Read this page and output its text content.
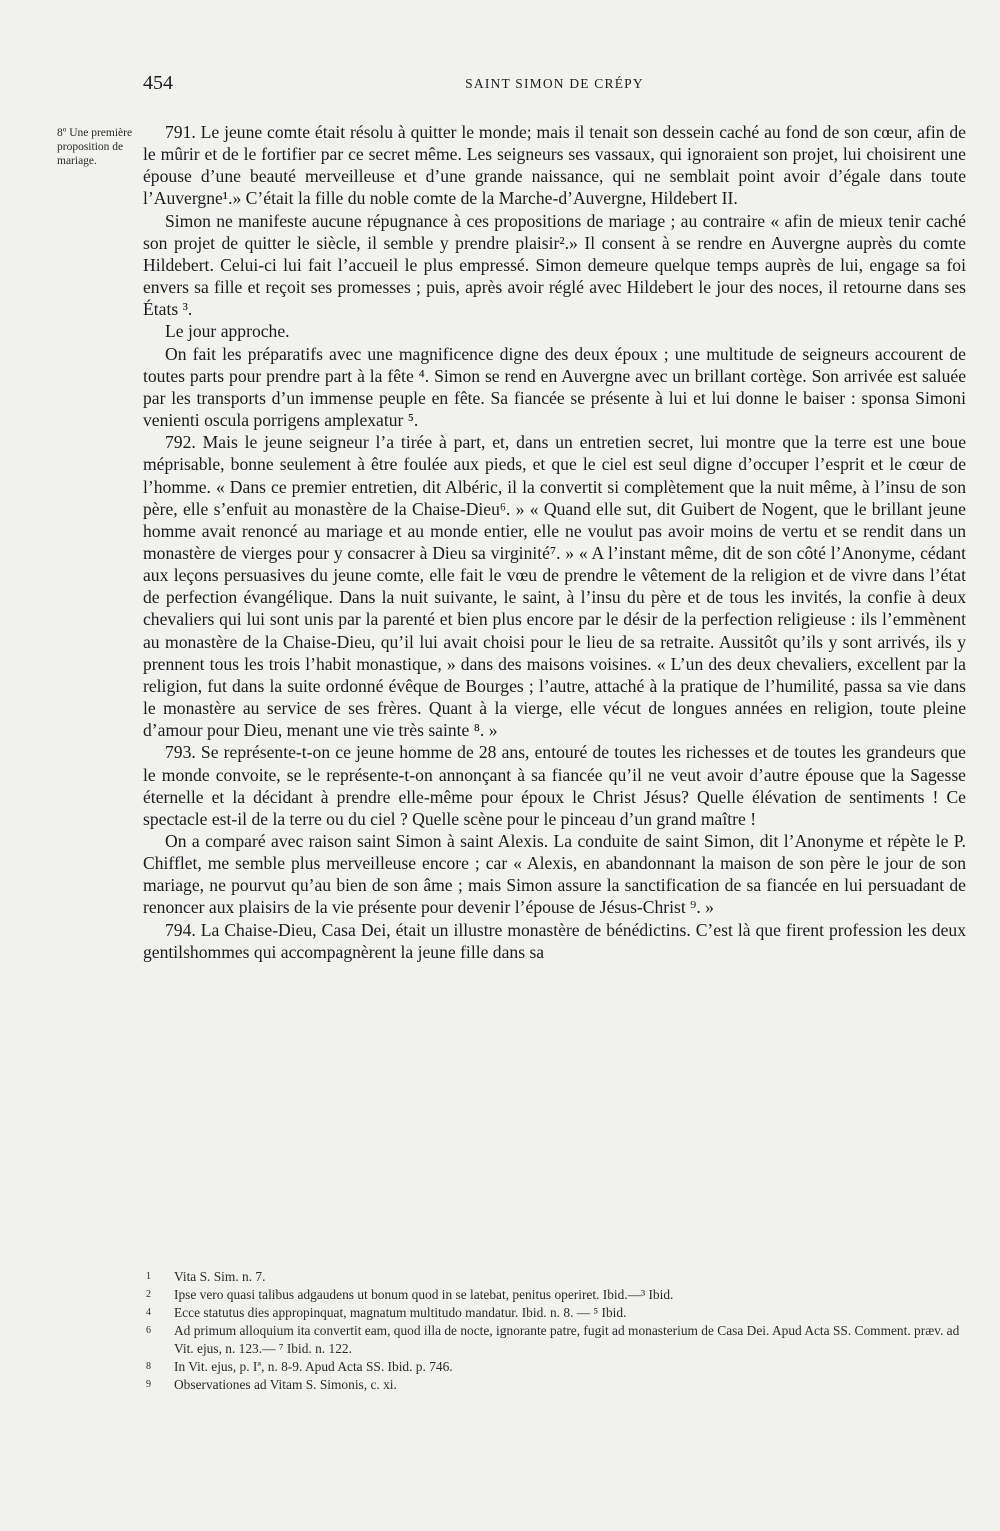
454	SAINT SIMON DE CRÉPY
8º Une première proposition de mariage.

791. Le jeune comte était résolu à quitter le monde; mais il tenait son dessein caché au fond de son cœur, afin de le mûrir et de le fortifier par ce secret même. Les seigneurs ses vassaux, qui ignoraient son projet, lui choisirent une épouse d’une beauté merveilleuse et d’une grande naissance, qui ne semblait point avoir d’égale dans toute l’Auvergne¹.» C’était la fille du noble comte de la Marche-d’Auvergne, Hildebert II.

Simon ne manifeste aucune répugnance à ces propositions de mariage ; au contraire « afin de mieux tenir caché son projet de quitter le siècle, il semble y prendre plaisir².» Il consent à se rendre en Auvergne auprès du comte Hildebert. Celui-ci lui fait l’accueil le plus empressé. Simon demeure quelque temps auprès de lui, engage sa foi envers sa fille et reçoit ses promesses ; puis, après avoir réglé avec Hildebert le jour des noces, il retourne dans ses États ³.

Le jour approche.

On fait les préparatifs avec une magnificence digne des deux époux ; une multitude de seigneurs accourent de toutes parts pour prendre part à la fête ⁴. Simon se rend en Auvergne avec un brillant cortège. Son arrivée est saluée par les transports d’un immense peuple en fête. Sa fiancée se présente à lui et lui donne le baiser : sponsa Simoni venienti oscula porrigens amplexatur ⁵.

792. Mais le jeune seigneur l’a tirée à part, et, dans un entretien secret, lui montre que la terre est une boue méprisable, bonne seulement à être foulée aux pieds, et que le ciel est seul digne d’occuper l’esprit et le cœur de l’homme. « Dans ce premier entretien, dit Albéric, il la convertit si complètement que la nuit même, à l’insu de son père, elle s’enfuit au monastère de la Chaise-Dieu⁶. » « Quand elle sut, dit Guibert de Nogent, que le brillant jeune homme avait renoncé au mariage et au monde entier, elle ne voulut pas avoir moins de vertu et se rendit dans un monastère de vierges pour y consacrer à Dieu sa virginité⁷. » « A l’instant même, dit de son côté l’Anonyme, cédant aux leçons persuasives du jeune comte, elle fait le vœu de prendre le vêtement de la religion et de vivre dans l’état de perfection évangélique. Dans la nuit suivante, le saint, à l’insu du père et de tous les invités, la confie à deux chevaliers qui lui sont unis par la parenté et bien plus encore par le désir de la perfection religieuse : ils l’emmènent au monastère de la Chaise-Dieu, qu’il lui avait choisi pour le lieu de sa retraite. Aussitôt qu’ils y sont arrivés, ils y prennent tous les trois l’habit monastique, » dans des maisons voisines. « L’un des deux chevaliers, excellent par la religion, fut dans la suite ordonné évêque de Bourges ; l’autre, attaché à la pratique de l’humilité, passa sa vie dans le monastère au service de ses frères. Quant à la vierge, elle vécut de longues années en religion, toute pleine d’amour pour Dieu, menant une vie très sainte ⁸. »

793. Se représente-t-on ce jeune homme de 28 ans, entouré de toutes les richesses et de toutes les grandeurs que le monde convoite, se le représente-t-on annonçant à sa fiancée qu’il ne veut avoir d’autre épouse que la Sagesse éternelle et la décidant à prendre elle-même pour époux le Christ Jésus? Quelle élévation de sentiments ! Ce spectacle est-il de la terre ou du ciel ? Quelle scène pour le pinceau d’un grand maître !

On a comparé avec raison saint Simon à saint Alexis. La conduite de saint Simon, dit l’Anonyme et répète le P. Chifflet, me semble plus merveilleuse encore ; car « Alexis, en abandonnant la maison de son père le jour de son mariage, ne pourvut qu’au bien de son âme ; mais Simon assure la sanctification de sa fiancée en lui persuadant de renoncer aux plaisirs de la vie présente pour devenir l’épouse de Jésus-Christ ⁹. »

794. La Chaise-Dieu, Casa Dei, était un illustre monastère de bénédictins. C’est là que firent profession les deux gentilshommes qui accompagnèrent la jeune fille dans sa

1 Vita S. Sim. n. 7.

2 Ipse vero quasi talibus adgaudens ut bonum quod in se latebat, penitus operiret. Ibid.—³ Ibid.

4 Ecce statutus dies appropinquat, magnatum multitudo mandatur. Ibid. n. 8. — ⁵ Ibid.

6 Ad primum alloquium ita convertit eam, quod illa de nocte, ignorante patre, fugit ad monasterium de Casa Dei. Apud Acta SS. Comment. præv. ad Vit. ejus, n. 123.— ⁷ Ibid. n. 122.

8 In Vit. ejus, p. Iª, n. 8-9. Apud Acta SS. Ibid. p. 746.

9 Observationes ad Vitam S. Simonis, c. xi.
